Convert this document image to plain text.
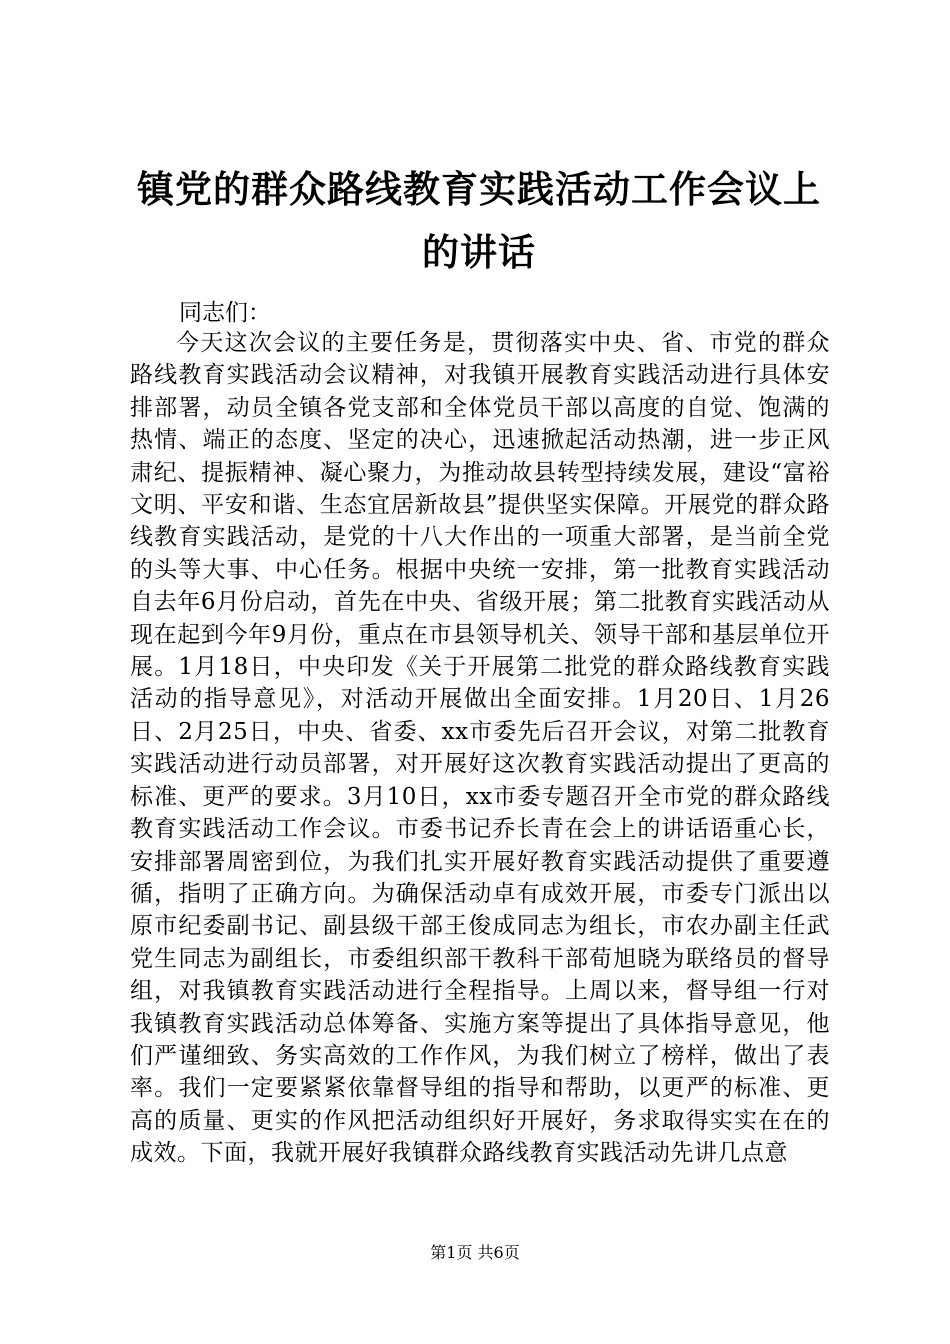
镇党的群众路线教育实践活动工作会议上的讲话

同志们：

今天这次会议的主要任务是，贯彻落实中央、省、市党的群众路线教育实践活动会议精神，对我镇开展教育实践活动进行具体安排部署，动员全镇各党支部和全体党员干部以高度的自觉、饱满的热情、端正的态度、坚定的决心，迅速掀起活动热潮，进一步正风肃纪、提振精神、凝心聚力，为推动故县转型持续发展，建设“富裕文明、平安和谐、生态宜居新故县”提供坚实保障。开展党的群众路线教育实践活动，是党的十八大作出的一项重大部署，是当前全党的头等大事、中心任务。根据中央统一安排，第一批教育实践活动自去年6月份启动，首先在中央、省级开展；第二批教育实践活动从现在起到今年9月份，重点在市县领导机关、领导干部和基层单位开展。1月18日，中央印发《关于开展第二批党的群众路线教育实践活动的指导意见》，对活动开展做出全面安排。1月20日、1月26日、2月25日，中央、省委、xx市委先后召开会议，对第二批教育实践活动进行动员部署，对开展好这次教育实践活动提出了更高的标准、更严的要求。3月10日，xx市委专题召开全市党的群众路线教育实践活动工作会议。市委书记乔长青在会上的讲话语重心长，安排部署周密到位，为我们扎实开展好教育实践活动提供了重要遵循，指明了正确方向。为确保活动卓有成效开展，市委专门派出以原市纪委副书记、副县级干部王俊成同志为组长，市农办副主任武党生同志为副组长，市委组织部干教科干部荀旭晓为联络员的督导组，对我镇教育实践活动进行全程指导。上周以来，督导组一行对我镇教育实践活动总体筹备、实施方案等提出了具体指导意见，他们严谨细致、务实高效的工作作风，为我们树立了榜样，做出了表率。我们一定要紧紧依靠督导组的指导和帮助，以更严的标准、更高的质量、更实的作风把活动组织好开展好，务求取得实实在在的成效。下面，我就开展好我镇群众路线教育实践活动先讲几点意

第1页 共6页
